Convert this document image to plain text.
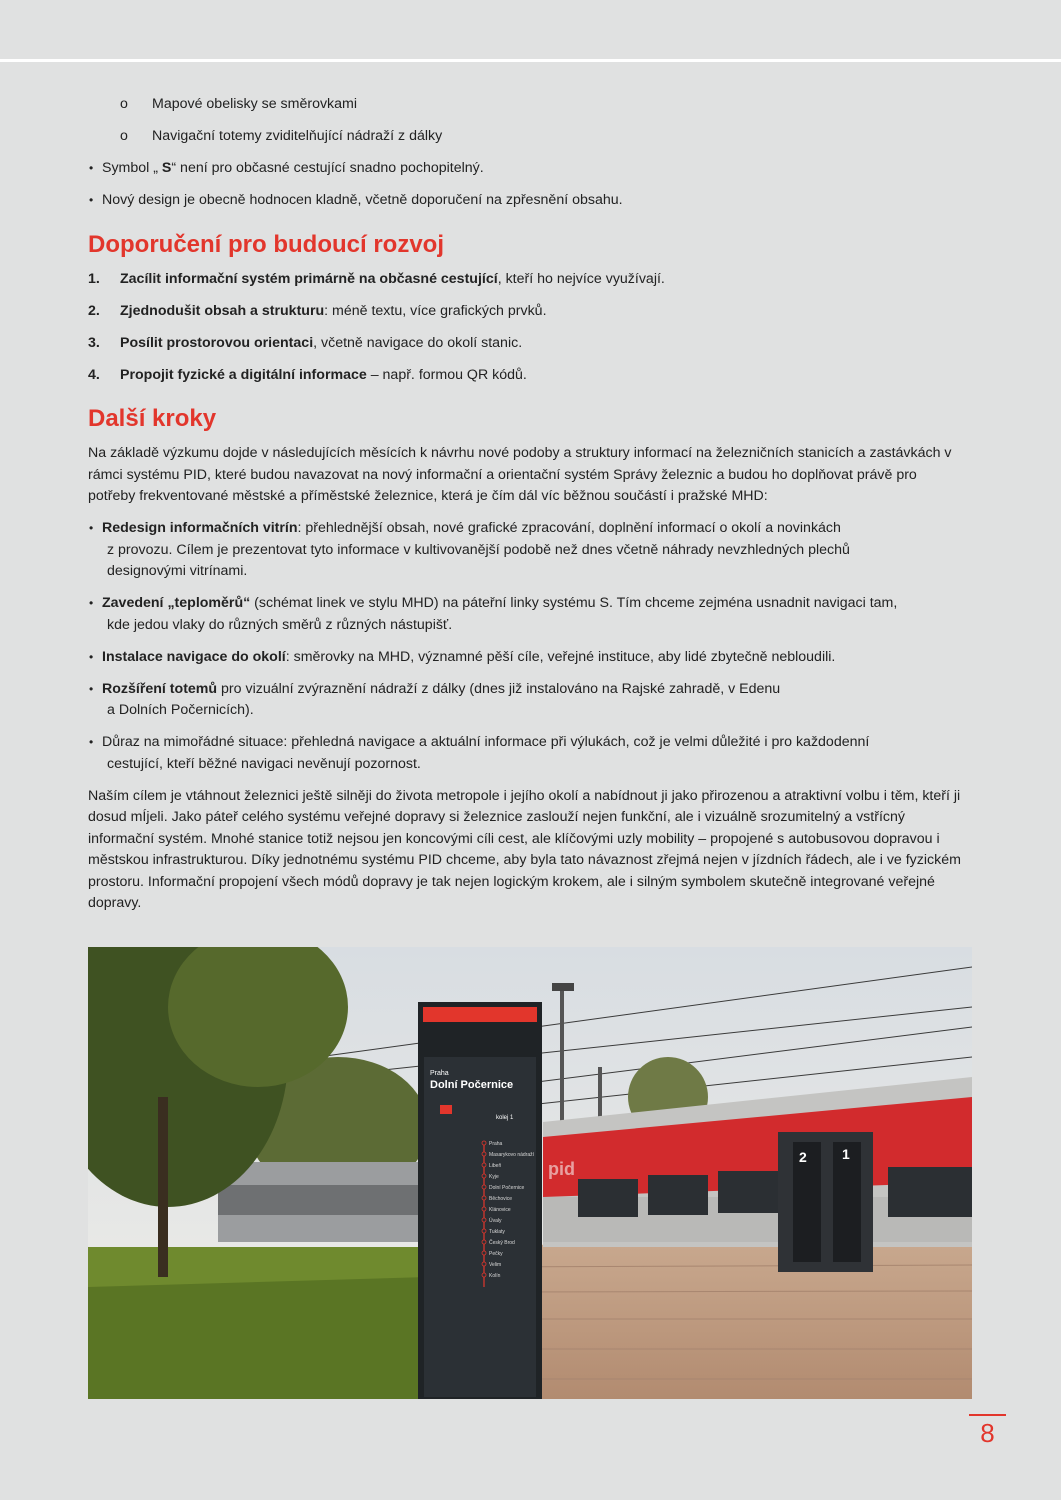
o Mapové obelisky se směrovkami
o Navigační totemy zviditelňující nádraží z dálky
• Symbol „ S“ není pro občasné cestující snadno pochopitelný.
• Nový design je obecně hodnocen kladně, včetně doporučení na zpřesnění obsahu.
Doporučení pro budoucí rozvoj
1. Zacílit informační systém primárně na občasné cestující, kteří ho nejvíce využívají.
2. Zjednodušit obsah a strukturu: méně textu, více grafických prvků.
3. Posílit prostorovou orientaci, včetně navigace do okolí stanic.
4. Propojit fyzické a digitální informace – např. formou QR kódů.
Další kroky

Na základě výzkumu dojde v následujících měsících k návrhu nové podoby a struktury informací na železničních stanicích a zastávkách v rámci systému PID, které budou navazovat na nový informační a orientační systém Správy železnic a budou ho doplňovat právě pro potřeby frekventované městské a příměstské železnice, která je čím dál víc běžnou součástí i pražské MHD:

• Redesign informačních vitrín: přehlednější obsah, nové grafické zpracování, doplnění informací o okolí a novinkách
z provozu. Cílem je prezentovat tyto informace v kultivovanější podobě než dnes včetně náhrady nevzhledných plechů
designovými vitrínami.
• Zavedení „teploměrů“ (schémat linek ve stylu MHD) na páteřní linky systému S. Tím chceme zejména usnadnit navigaci tam,
kde jedou vlaky do různých směrů z různých nástupišť.
• Instalace navigace do okolí: směrovky na MHD, významné pěší cíle, veřejné instituce, aby lidé zbytečně nebloudili.
• Rozšíření totemů pro vizuální zvýraznění nádraží z dálky (dnes již instalováno na Rajské zahradě, v Edenu
a Dolních Počernicích).
• Důraz na mimořádné situace: přehledná navigace a aktuální informace při výlukách, což je velmi důležité i pro každodenní
cestující, kteří běžné navigaci nevěnují pozornost.

Naším cílem je vtáhnout železnici ještě silněji do života metropole i jejího okolí a nabídnout ji jako přirozenou a atraktivní volbu i těm, kteří ji dosud mÍjeli. Jako páteř celého systému veřejné dopravy si železnice zaslouží nejen funkční, ale i vizuálně srozumitelný a vstřícný informační systém. Mnohé stanice totiž nejsou jen koncovými cíli cest, ale klíčovými uzly mobility – propojené s autobusovou dopravou i městskou infrastrukturou. Díky jednotnému systému PID chceme, aby byla tato návaznost zřejmá nejen v jízdních řádech, ale i ve fyzickém prostoru. Informační propojení všech módů dopravy je tak nejen logickým krokem, ale i silným symbolem skutečně integrované veřejné dopravy.

2	1
pid
Praha
Dolní Počernice
kolej 1
Praha
Masarykovo nádraží
Libeň
Kyje
Dolní Počernice
Běchovice
Klánovice
Úvaly
Tuklaty
Český Brod
Pečky
Velim
Kolín
8
